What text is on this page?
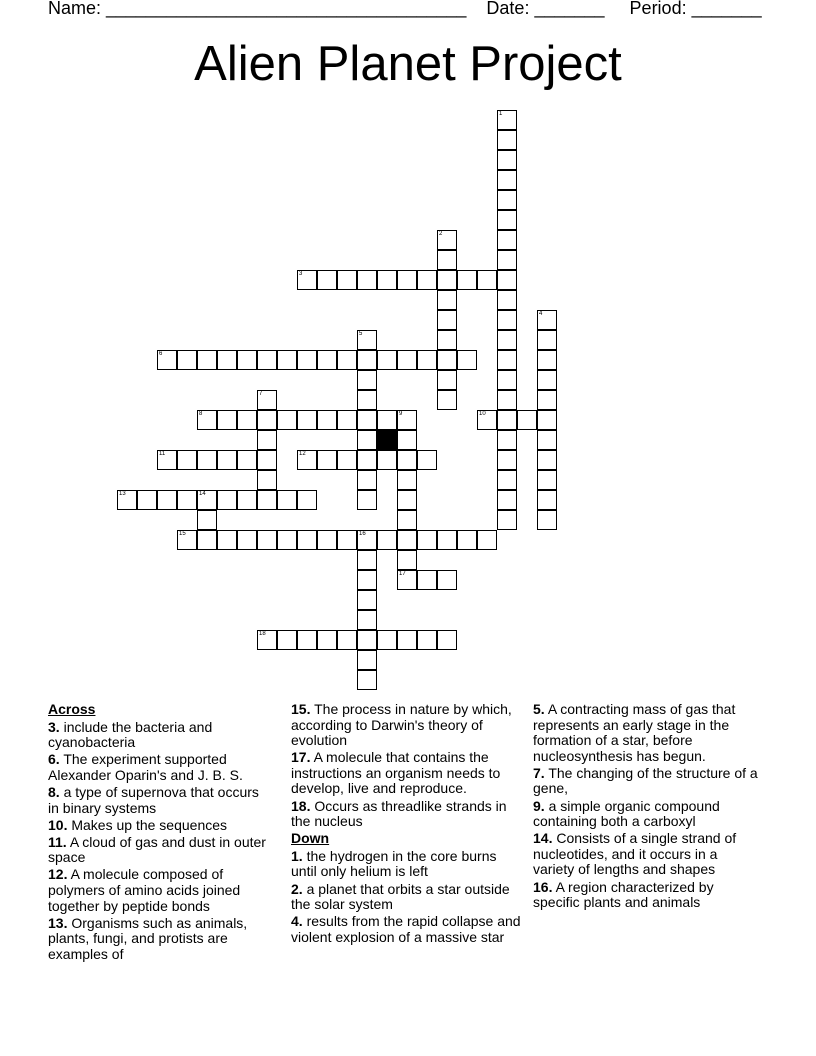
Name: ____________________________________ Date: _______ Period: _______
Alien Planet Project
1
2
3
4
5
6
7
8	9	10
11	12
13	14
15	16
17
18
Across
3. include the bacteria and cyanobacteria
6. The experiment supported Alexander Oparin's and J. B. S.
8. a type of supernova that occurs in binary systems
10. Makes up the sequences
11. A cloud of gas and dust in outer space
12. A molecule composed of polymers of amino acids joined together by peptide bonds
13. Organisms such as animals, plants, fungi, and protists are examples of
15. The process in nature by which, according to Darwin's theory of evolution
17. A molecule that contains the instructions an organism needs to develop, live and reproduce.
18. Occurs as threadlike strands in the nucleus
Down
1. the hydrogen in the core burns until only helium is left
2. a planet that orbits a star outside the solar system
4. results from the rapid collapse and violent explosion of a massive star
5. A contracting mass of gas that represents an early stage in the formation of a star, before nucleosynthesis has begun.
7. The changing of the structure of a gene,
9. a simple organic compound containing both a carboxyl
14. Consists of a single strand of nucleotides, and it occurs in a variety of lengths and shapes
16. A region characterized by specific plants and animals
